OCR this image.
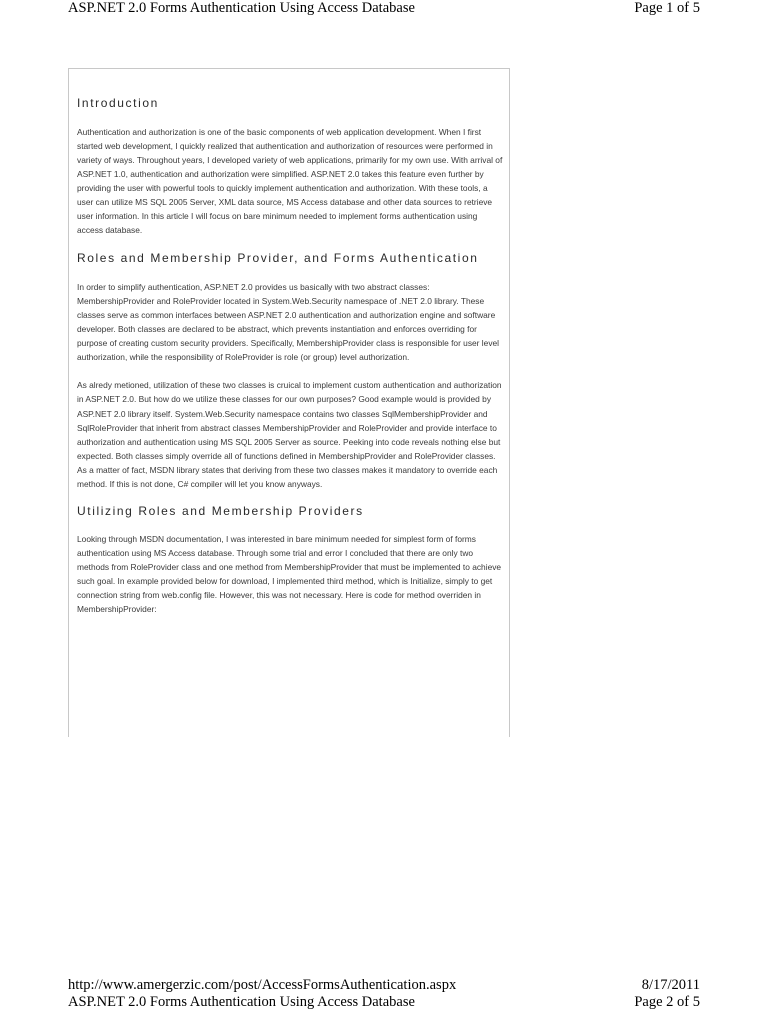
ASP.NET 2.0 Forms Authentication Using Access Database	Page 1 of 5
Introduction

Authentication and authorization is one of the basic components of web application development. When I first started web development, I quickly realized that authentication and authorization of resources were performed in variety of ways. Throughout years, I developed variety of web applications, primarily for my own use. With arrival of ASP.NET 1.0, authentication and authorization were simplified. ASP.NET 2.0 takes this feature even further by providing the user with powerful tools to quickly implement authentication and authorization. With these tools, a user can utilize MS SQL 2005 Server, XML data source, MS Access database and other data sources to retrieve user information. In this article I will focus on bare minimum needed to implement forms authentication using access database.

Roles and Membership Provider, and Forms Authentication

In order to simplify authentication, ASP.NET 2.0 provides us basically with two abstract classes: MembershipProvider and RoleProvider located in System.Web.Security namespace of .NET 2.0 library. These classes serve as common interfaces between ASP.NET 2.0 authentication and authorization engine and software developer. Both classes are declared to be abstract, which prevents instantiation and enforces overriding for purpose of creating custom security providers. Specifically, MembershipProvider class is responsible for user level authorization, while the responsibility of RoleProvider is role (or group) level authorization.

As alredy metioned, utilization of these two classes is cruical to implement custom authentication and authorization in ASP.NET 2.0. But how do we utilize these classes for our own purposes? Good example would is provided by ASP.NET 2.0 library itself. System.Web.Security namespace contains two classes SqlMembershipProvider and SqlRoleProvider that inherit from abstract classes MembershipProvider and RoleProvider and provide interface to authorization and authentication using MS SQL 2005 Server as source. Peeking into code reveals nothing else but expected. Both classes simply override all of functions defined in MembershipProvider and RoleProvider classes. As a matter of fact, MSDN library states that deriving from these two classes makes it mandatory to override each method. If this is not done, C# compiler will let you know anyways.

Utilizing Roles and Membership Providers

Looking through MSDN documentation, I was interested in bare minimum needed for simplest form of forms authentication using MS Access database. Through some trial and error I concluded that there are only two methods from RoleProvider class and one method from MembershipProvider that must be implemented to achieve such goal. In example provided below for download, I implemented third method, which is Initialize, simply to get connection string from web.config file. However, this was not necessary. Here is code for method overriden in MembershipProvider:

http://www.amergerzic.com/post/AccessFormsAuthentication.aspx	8/17/2011
ASP.NET 2.0 Forms Authentication Using Access Database	Page 2 of 5
